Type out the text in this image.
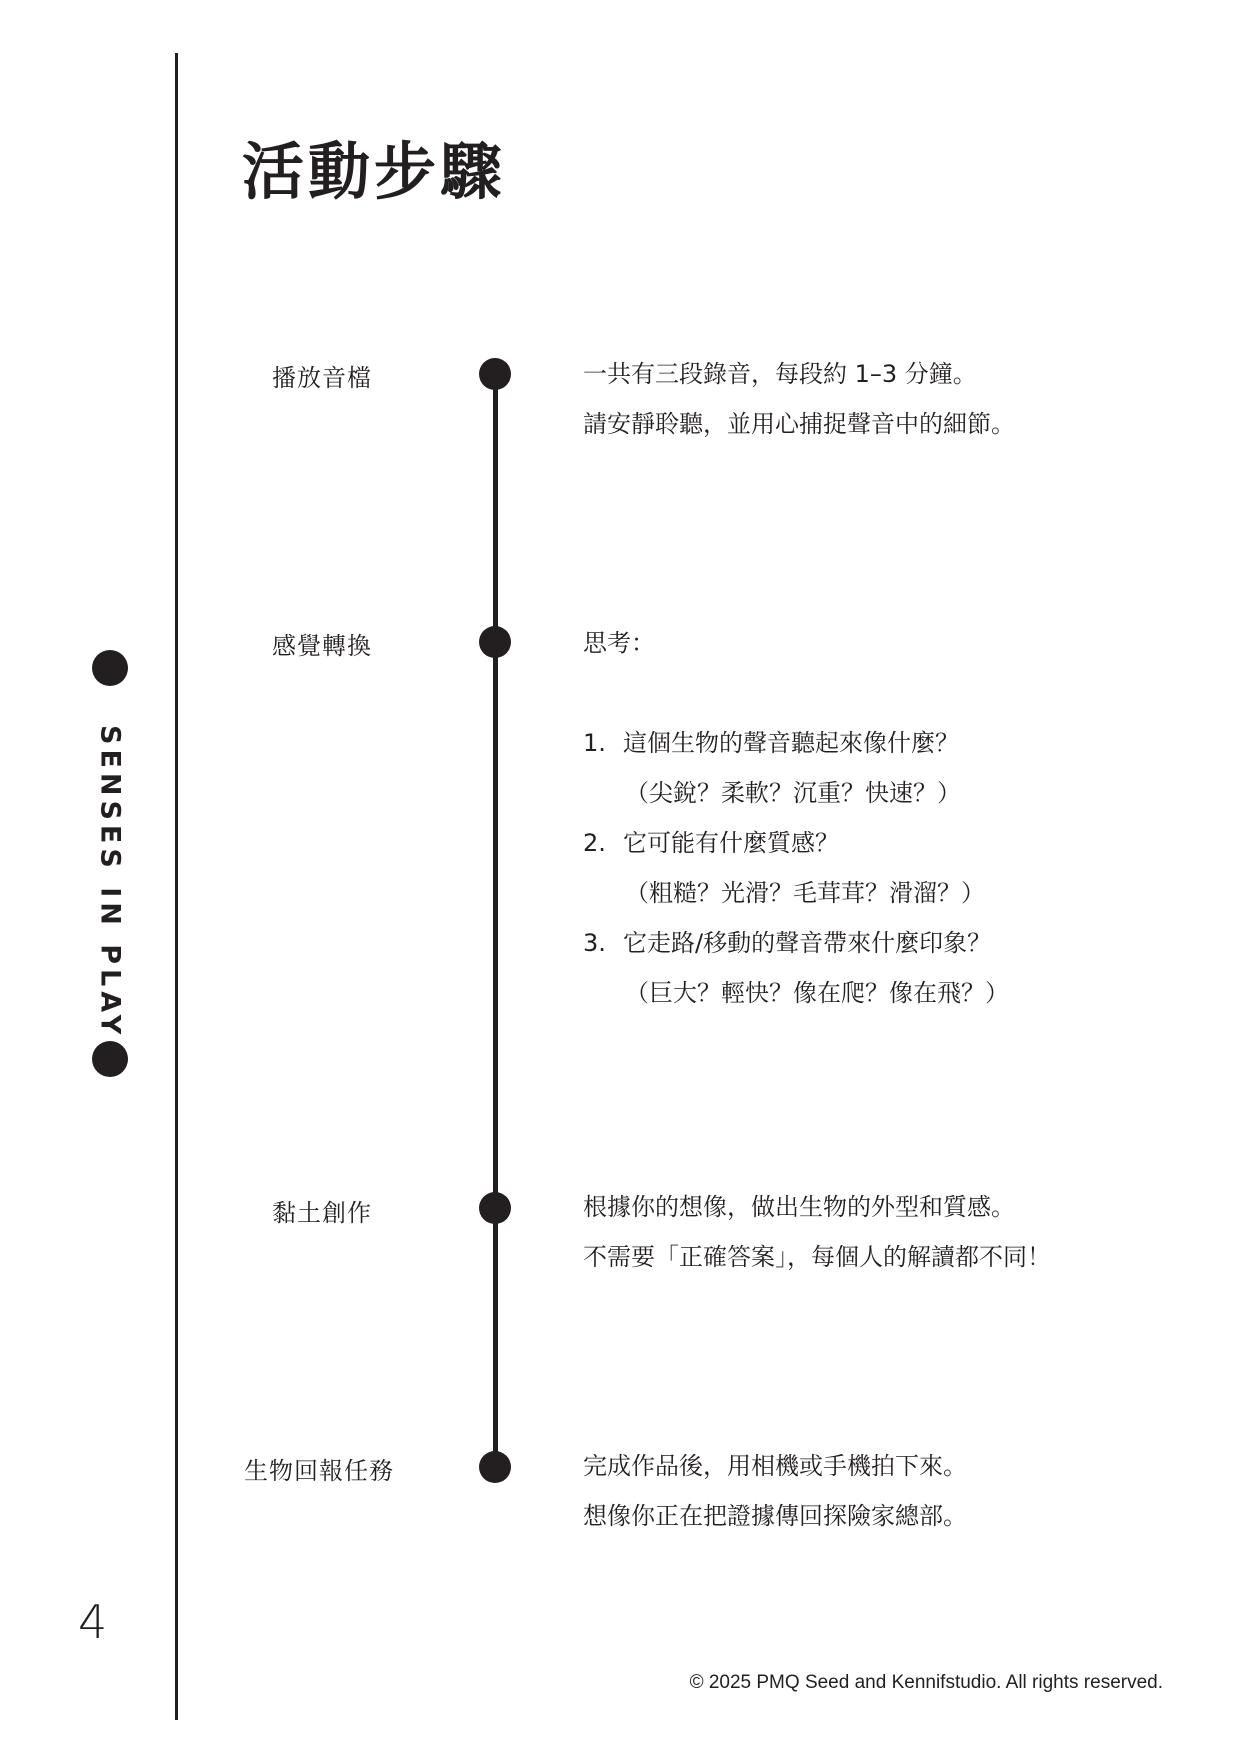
SENSES IN PLAY
4
活動步驟
播放音檔	一共有三段錄音，每段約 1–3 分鐘。

請安靜聆聽，並用心捕捉聲音中的細節。

感覺轉換	思考：

1. 這個生物的聲音聽起來像什麼？
（尖銳？柔軟？沉重？快速？）
2. 它可能有什麼質感？
（粗糙？光滑？毛茸茸？滑溜？）
3. 它走路/移動的聲音帶來什麼印象？
（巨大？輕快？像在爬？像在飛？）
黏土創作	根據你的想像，做出生物的外型和質感。

不需要「正確答案」，每個人的解讀都不同！

生物回報任務	完成作品後，用相機或手機拍下來。

想像你正在把證據傳回探險家總部。

© 2025 PMQ Seed and Kennifstudio. All rights reserved.
